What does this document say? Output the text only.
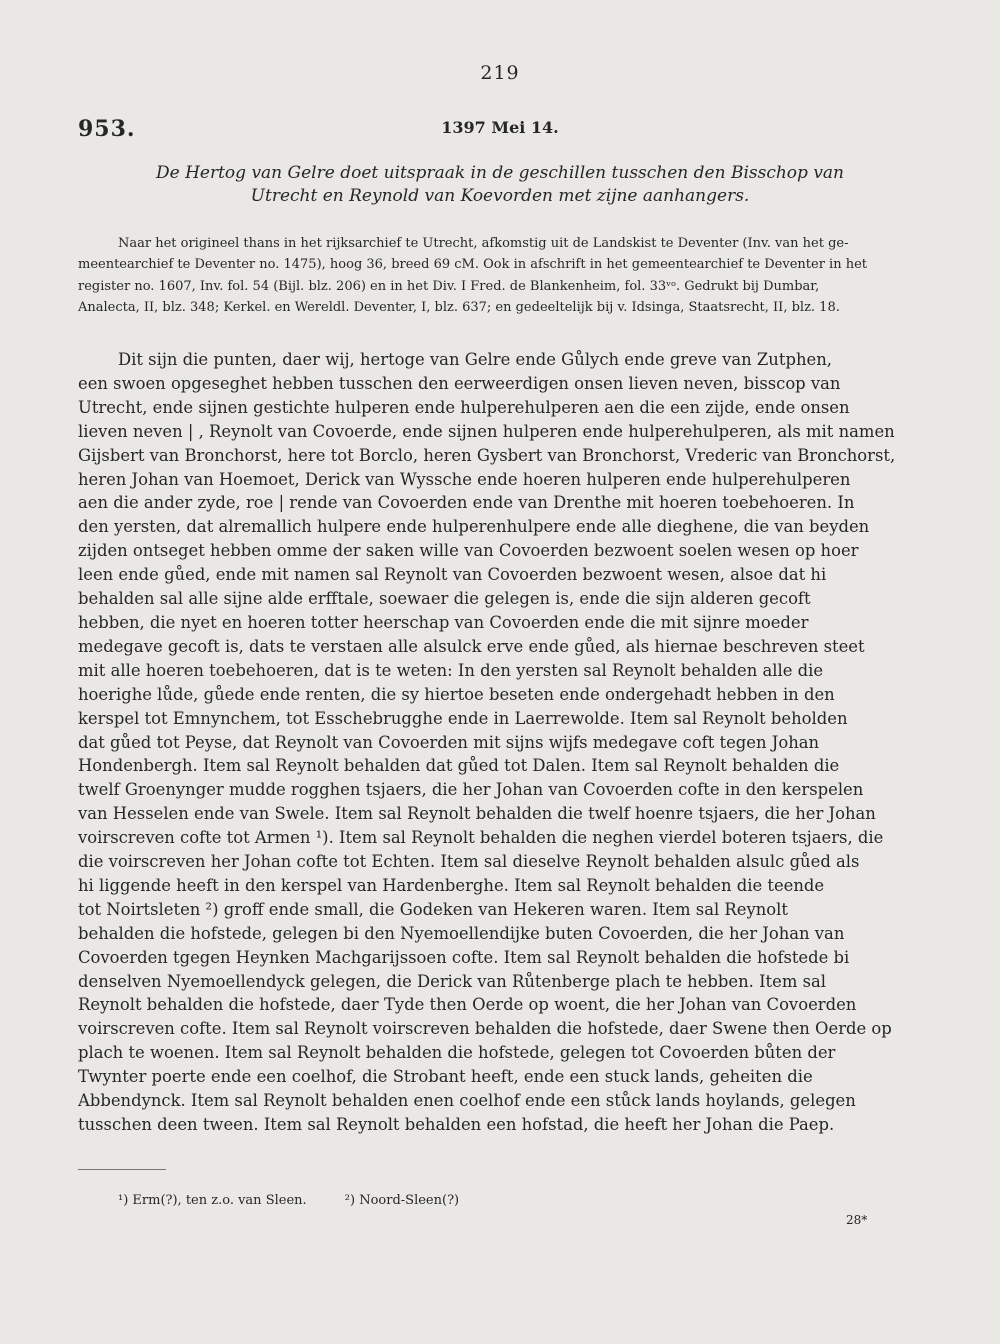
219
953.	1397 Mei 14.
De Hertog van Gelre doet uitspraak in de geschillen tusschen den Bisschop van
Utrecht en Reynold van Koevorden met zijne aanhangers.
Naar het origineel thans in het rijksarchief te Utrecht, afkomstig uit de Landskist te Deventer (Inv. van het ge-
meentearchief te Deventer no. 1475), hoog 36, breed 69 cM. Ook in afschrift in het gemeentearchief te Deventer in het
register no. 1607, Inv. fol. 54 (Bijl. blz. 206) en in het Div. I Fred. de Blankenheim, fol. 33ᵛᵒ. Gedrukt bij Dumbar,
Analecta, II, blz. 348; Kerkel. en Wereldl. Deventer, I, blz. 637; en gedeeltelijk bij v. Idsinga, Staatsrecht, II, blz. 18.
Dit sijn die punten, daer wij, hertoge van Gelre ende Gůlych ende greve van Zutphen,
een swoen opgeseghet hebben tusschen den eerweerdigen onsen lieven neven, bisscop van
Utrecht, ende sijnen gestichte hulperen ende hulperehulperen aen die een zijde, ende onsen
lieven neven | , Reynolt van Covoerde, ende sijnen hulperen ende hulperehulperen, als mit namen
Gijsbert van Bronchorst, here tot Borclo, heren Gysbert van Bronchorst, Vrederic van Bronchorst,
heren Johan van Hoemoet, Derick van Wyssche ende hoeren hulperen ende hulperehulperen
aen die ander zyde, roe | rende van Covoerden ende van Drenthe mit hoeren toebehoeren. In
den yersten, dat alremallich hulpere ende hulperenhulpere ende alle dieghene, die van beyden
zijden ontseget hebben omme der saken wille van Covoerden bezwoent soelen wesen op hoer
leen ende gůed, ende mit namen sal Reynolt van Covoerden bezwoent wesen, alsoe dat hi
behalden sal alle sijne alde erfftale, soewaer die gelegen is, ende die sijn alderen gecoft
hebben, die nyet en hoeren totter heerschap van Covoerden ende die mit sijnre moeder
medegave gecoft is, dats te verstaen alle alsulck erve ende gůed, als hiernae beschreven steet
mit alle hoeren toebehoeren, dat is te weten: In den yersten sal Reynolt behalden alle die
hoerighe lůde, gůede ende renten, die sy hiertoe beseten ende ondergehadt hebben in den
kerspel tot Emnynchem, tot Esschebrugghe ende in Laerrewolde. Item sal Reynolt beholden
dat gůed tot Peyse, dat Reynolt van Covoerden mit sijns wijfs medegave coft tegen Johan
Hondenbergh. Item sal Reynolt behalden dat gůed tot Dalen. Item sal Reynolt behalden die
twelf Groenynger mudde rogghen tsjaers, die her Johan van Covoerden cofte in den kerspelen
van Hesselen ende van Swele. Item sal Reynolt behalden die twelf hoenre tsjaers, die her Johan
voirscreven cofte tot Armen ¹). Item sal Reynolt behalden die neghen vierdel boteren tsjaers, die
die voirscreven her Johan cofte tot Echten. Item sal dieselve Reynolt behalden alsulc gůed als
hi liggende heeft in den kerspel van Hardenberghe. Item sal Reynolt behalden die teende
tot Noirtsleten ²) groff ende small, die Godeken van Hekeren waren. Item sal Reynolt
behalden die hofstede, gelegen bi den Nyemoellendijke buten Covoerden, die her Johan van
Covoerden tgegen Heynken Machgarijssoen cofte. Item sal Reynolt behalden die hofstede bi
denselven Nyemoellendyck gelegen, die Derick van Růtenberge plach te hebben. Item sal
Reynolt behalden die hofstede, daer Tyde then Oerde op woent, die her Johan van Covoerden
voirscreven cofte. Item sal Reynolt voirscreven behalden die hofstede, daer Swene then Oerde op
plach te woenen. Item sal Reynolt behalden die hofstede, gelegen tot Covoerden bůten der
Twynter poerte ende een coelhof, die Strobant heeft, ende een stuck lands, geheiten die
Abbendynck. Item sal Reynolt behalden enen coelhof ende een stůck lands hoylands, gelegen
tusschen deen tween. Item sal Reynolt behalden een hofstad, die heeft her Johan die Paep.
¹) Erm(?), ten z.o. van Sleen.	²) Noord-Sleen(?)
28*
